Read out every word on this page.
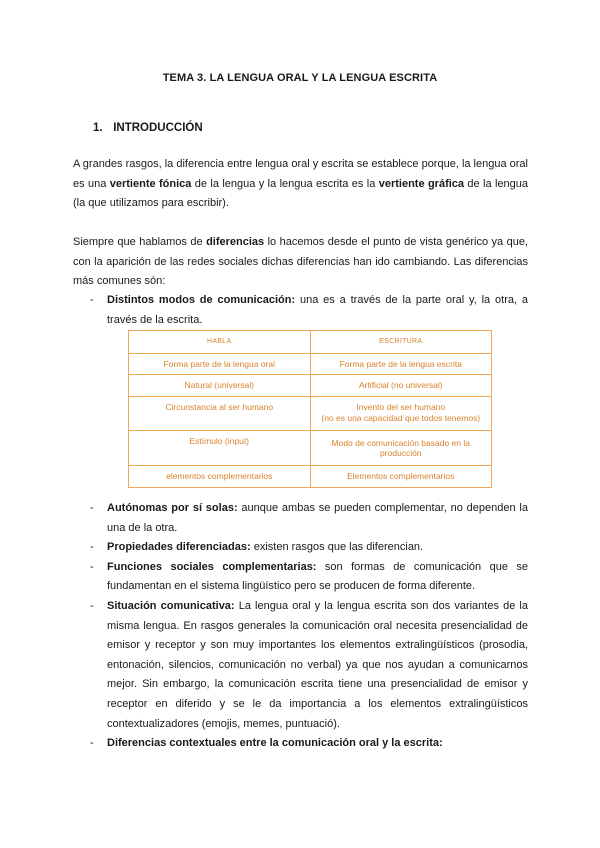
TEMA 3. LA LENGUA ORAL Y LA LENGUA ESCRITA
1. INTRODUCCIÓN

A grandes rasgos, la diferencia entre lengua oral y escrita se establece porque, la lengua oral es una vertiente fónica de la lengua y la lengua escrita es la vertiente gráfica de la lengua (la que utilizamos para escribir).

Siempre que hablamos de diferencias lo hacemos desde el punto de vista genérico ya que, con la aparición de las redes sociales dichas diferencias han ido cambiando. Las diferencias más comunes són:

- Distintos modos de comunicación: una es a través de la parte oral y, la otra, a través de la escrita.
HABLA	ESCRITURA
Forma parte de la lengua oral	Forma parte de la lengua escrita
Natural (universal)	Artificial (no universal)
Circunstancia al ser humano	Invento del ser humano
(no es una capacidad que todos tenemos)
Estímulo (input)	Modo de comunicación basado en la producción
elementos complementarios	Elementos complementarios
- Autónomas por sí solas: aunque ambas se pueden complementar, no dependen la una de la otra.
- Propiedades diferenciadas: existen rasgos que las diferencian.
- Funciones sociales complementarias: son formas de comunicación que se fundamentan en el sistema lingüístico pero se producen de forma diferente.
- Situación comunicativa: La lengua oral y la lengua escrita son dos variantes de la misma lengua. En rasgos generales la comunicación oral necesita presencialidad de emisor y receptor y son muy importantes los elementos extralingüísticos (prosodia, entonación, silencios, comunicación no verbal) ya que nos ayudan a comunicarnos mejor. Sin embargo, la comunicación escrita tiene una presencialidad de emisor y receptor en diferido y se le da importancia a los elementos extralingüísticos contextualizadores (emojis, memes, puntuació).
- Diferencias contextuales entre la comunicación oral y la escrita:
